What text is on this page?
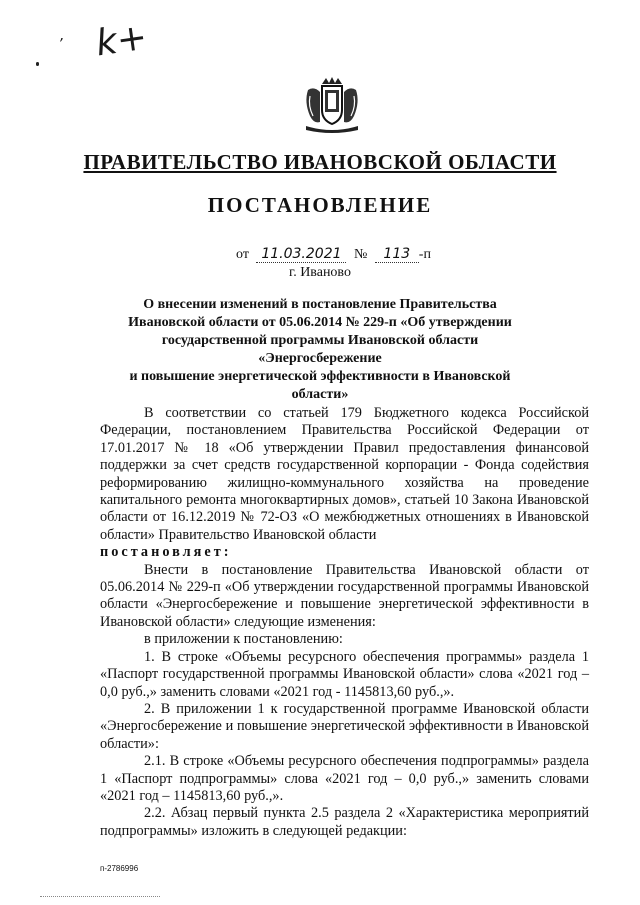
, k+
ПРАВИТЕЛЬСТВО ИВАНОВСКОЙ ОБЛАСТИ
ПОСТАНОВЛЕНИЕ
от 11.03.2021 № 113 -п
г. Иваново
О внесении изменений в постановление Правительства
Ивановской области от 05.06.2014 № 229-п «Об утверждении
государственной программы Ивановской области «Энергосбережение
и повышение энергетической эффективности в Ивановской области»

В соответствии со статьей 179 Бюджетного кодекса Российской Федерации, постановлением Правительства Российской Федерации от 17.01.2017 № 18 «Об утверждении Правил предоставления финансовой поддержки за счет средств государственной корпорации - Фонда содействия реформированию жилищно-коммунального хозяйства на проведение капитального ремонта многоквартирных домов», статьей 10 Закона Ивановской области от 16.12.2019 № 72-ОЗ «О межбюджетных отношениях в Ивановской области» Правительство Ивановской области

постановляет:

Внести в постановление Правительства Ивановской области от 05.06.2014 № 229-п «Об утверждении государственной программы Ивановской области «Энергосбережение и повышение энергетической эффективности в Ивановской области» следующие изменения:

в приложении к постановлению:

1. В строке «Объемы ресурсного обеспечения программы» раздела 1 «Паспорт государственной программы Ивановской области» слова «2021 год – 0,0 руб.,» заменить словами «2021 год - 1145813,60 руб.,».

2. В приложении 1 к государственной программе Ивановской области «Энергосбережение и повышение энергетической эффективности в Ивановской области»:

2.1. В строке «Объемы ресурсного обеспечения подпрограммы» раздела 1 «Паспорт подпрограммы» слова «2021 год – 0,0 руб.,» заменить словами «2021 год – 1145813,60 руб.,».

2.2. Абзац первый пункта 2.5 раздела 2 «Характеристика мероприятий подпрограммы» изложить в следующей редакции:

п-2786996
